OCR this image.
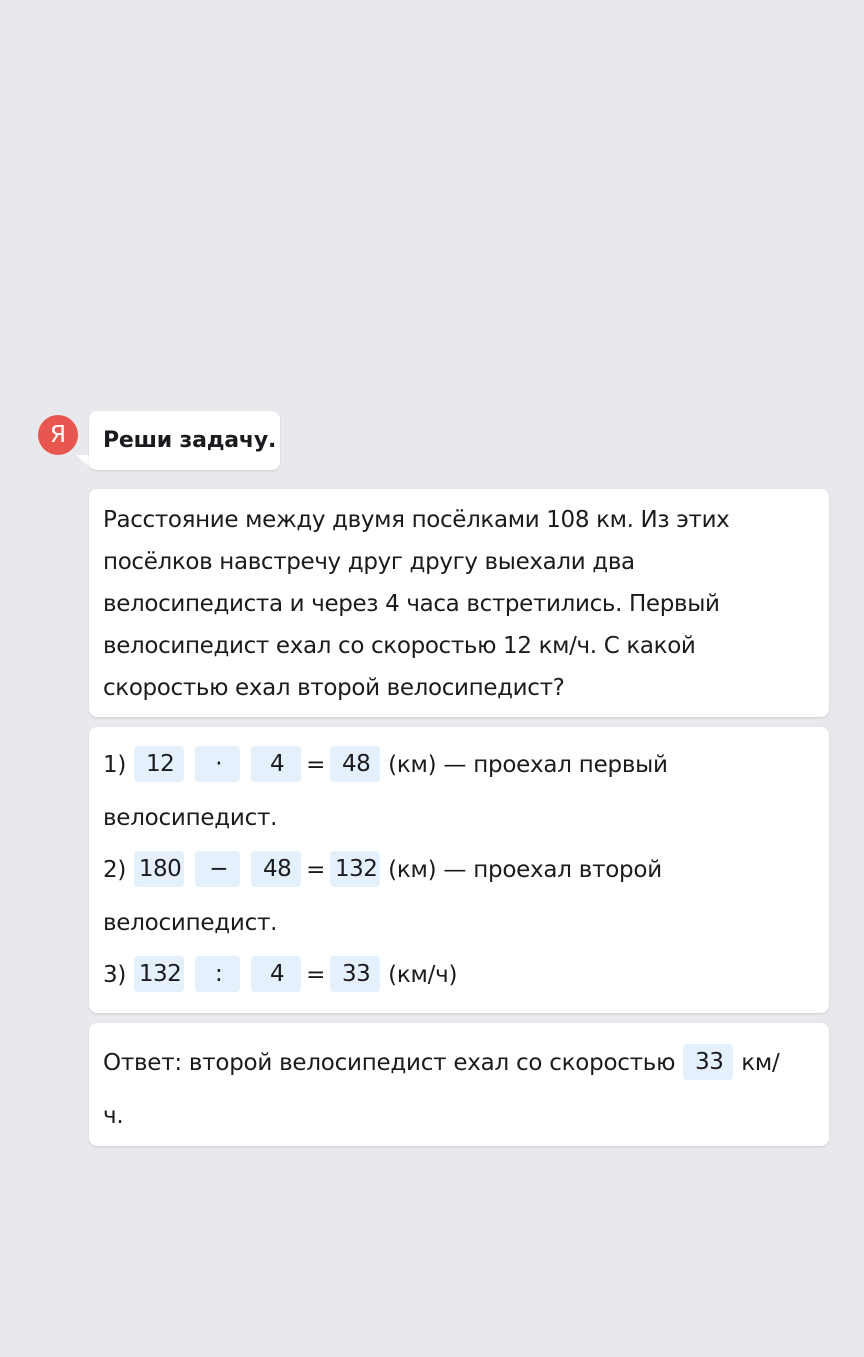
Я	Реши задачу.
Расстояние между двумя посёлками 108 км. Из этих
посёлков навстречу друг другу выехали два
велосипедиста и через 4 часа встретились. Первый
велосипедист ехал со скоростью 12 км/ч. С какой
скоростью ехал второй велосипедист?
1) 12 · 4 = 48 (км) — проехал первый
велосипедист.
2) 180 − 48 = 132 (км) — проехал второй
велосипедист.
3) 132 : 4 = 33 (км/ч)
Ответ: второй велосипедист ехал со скоростью 33 км/
ч.
